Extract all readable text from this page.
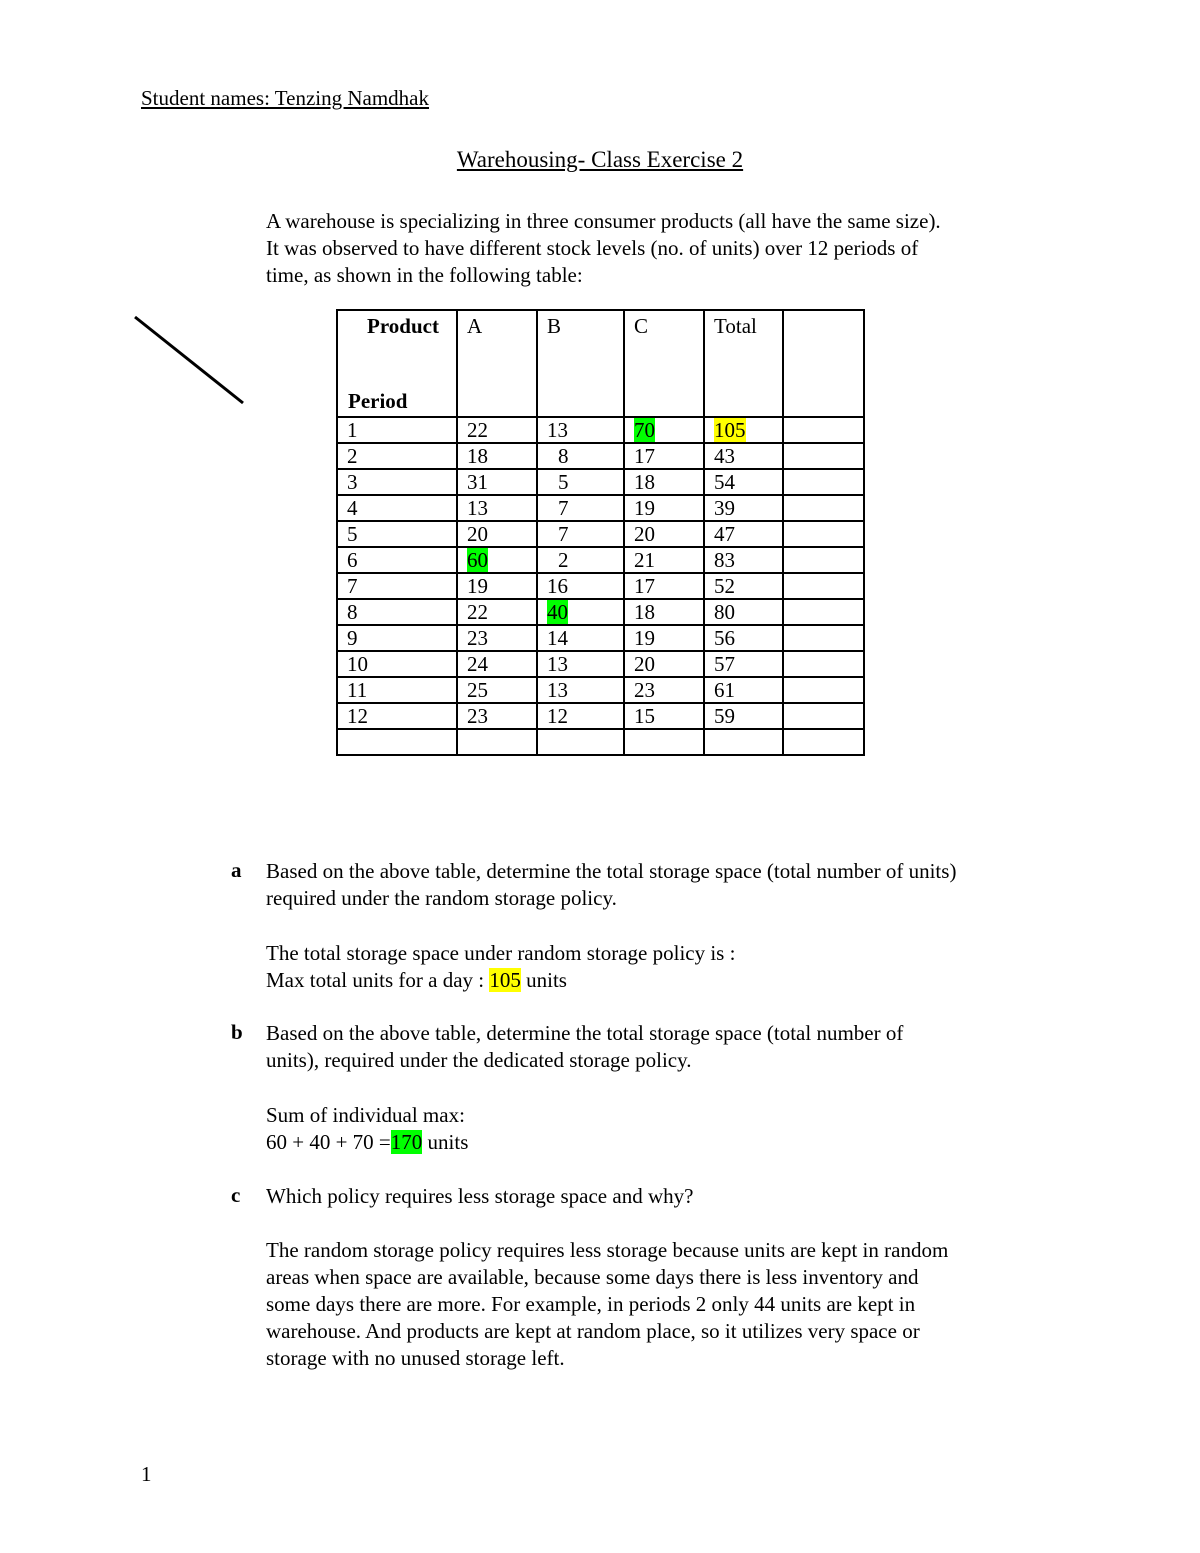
Student names: Tenzing Namdhak
Warehousing- Class Exercise 2
A warehouse is specializing in three consumer products (all have the same size).
It was observed to have different stock levels (no. of units) over 12 periods of
time, as shown in the following table:
Product
Period	A	B	C	Total	
1	22	13	70	105	
2	18	8	17	43	
3	31	5	18	54	
4	13	7	19	39	
5	20	7	20	47	
6	60	2	21	83	
7	19	16	17	52	
8	22	40	18	80	
9	23	14	19	56	
10	24	13	20	57	
11	25	13	23	61	
12	23	12	15	59	

a Based on the above table, determine the total storage space (total number of units)
required under the random storage policy.
The total storage space under random storage policy is :
Max total units for a day : 105 units
b Based on the above table, determine the total storage space (total number of
units), required under the dedicated storage policy.
Sum of individual max:
60 + 40 + 70 =170 units
c Which policy requires less storage space and why?
The random storage policy requires less storage because units are kept in random
areas when space are available, because some days there is less inventory and
some days there are more. For example, in periods 2 only 44 units are kept in
warehouse. And products are kept at random place, so it utilizes very space or
storage with no unused storage left.
1
